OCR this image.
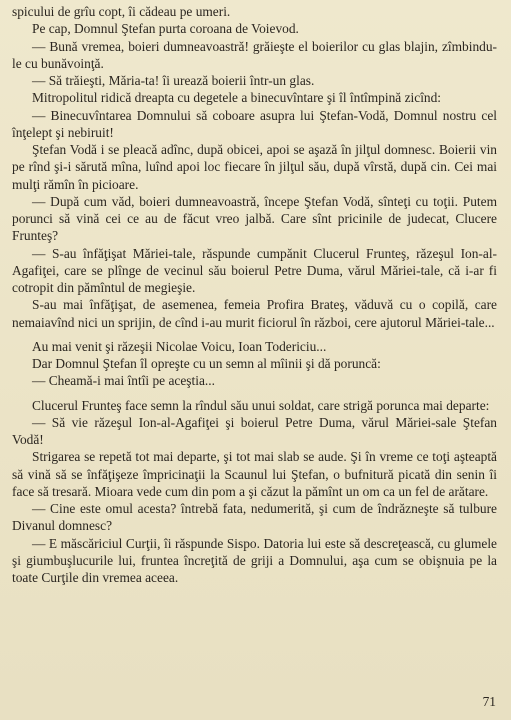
spicului de grîu copt, îi cădeau pe umeri.

Pe cap, Domnul Ştefan purta coroana de Voievod.

— Bună vremea, boieri dumneavoastră! grăieşte el boierilor cu glas blajin, zîmbindu-le cu bunăvoinţă.

— Să trăieşti, Măria-ta! îi urează boierii într-un glas.

Mitropolitul ridică dreapta cu degetele a binecuvîntare şi îl întîmpină zicînd:

— Binecuvîntarea Domnului să coboare asupra lui Ştefan-Vodă, Domnul nostru cel înţelept şi nebiruit!

Ştefan Vodă i se pleacă adînc, după obicei, apoi se aşază în jilţul domnesc. Boierii vin pe rînd şi-i sărută mîna, luînd apoi loc fiecare în jilţul său, după vîrstă, după cin. Cei mai mulţi rămîn în picioare.

— După cum văd, boieri dumneavoastră, începe Ştefan Vodă, sînteţi cu toţii. Putem porunci să vină cei ce au de făcut vreo jalbă. Care sînt pricinile de judecat, Clucere Frunteş?

— S-au înfăţişat Măriei-tale, răspunde cumpănit Clucerul Frunteş, răzeşul Ion-al-Agafiţei, care se plînge de vecinul său boierul Petre Duma, vărul Măriei-tale, că i-ar fi cotropit din pămîntul de megieşie.

S-au mai înfăţişat, de asemenea, femeia Profira Brateş, văduvă cu o copilă, care nemaiavînd nici un sprijin, de cînd i-au murit ficiorul în război, cere ajutorul Măriei-tale...

Au mai venit şi răzeşii Nicolae Voicu, Ioan Todericiu...

Dar Domnul Ştefan îl opreşte cu un semn al mîinii şi dă poruncă:

— Cheamă-i mai întîi pe aceştia...

Clucerul Frunteş face semn la rîndul său unui soldat, care strigă porunca mai departe:

— Să vie răzeşul Ion-al-Agafiţei şi boierul Petre Duma, vărul Măriei-sale Ştefan Vodă!

Strigarea se repetă tot mai departe, şi tot mai slab se aude. Şi în vreme ce toţi aşteaptă să vină să se înfăţişeze împricinaţii la Scaunul lui Ştefan, o bufnitură picată din senin îi face să tresară. Mioara vede cum din pom a şi căzut la pămînt un om ca un fel de arătare.

— Cine este omul acesta? întrebă fata, nedumerită, şi cum de îndrăzneşte să tulbure Divanul domnesc?

— E măscăriciul Curţii, îi răspunde Sispo. Datoria lui este să descreţească, cu glumele şi giumbuşlucurile lui, fruntea încreţită de griji a Domnului, aşa cum se obişnuia pe la toate Curţile din vremea aceea.

71
